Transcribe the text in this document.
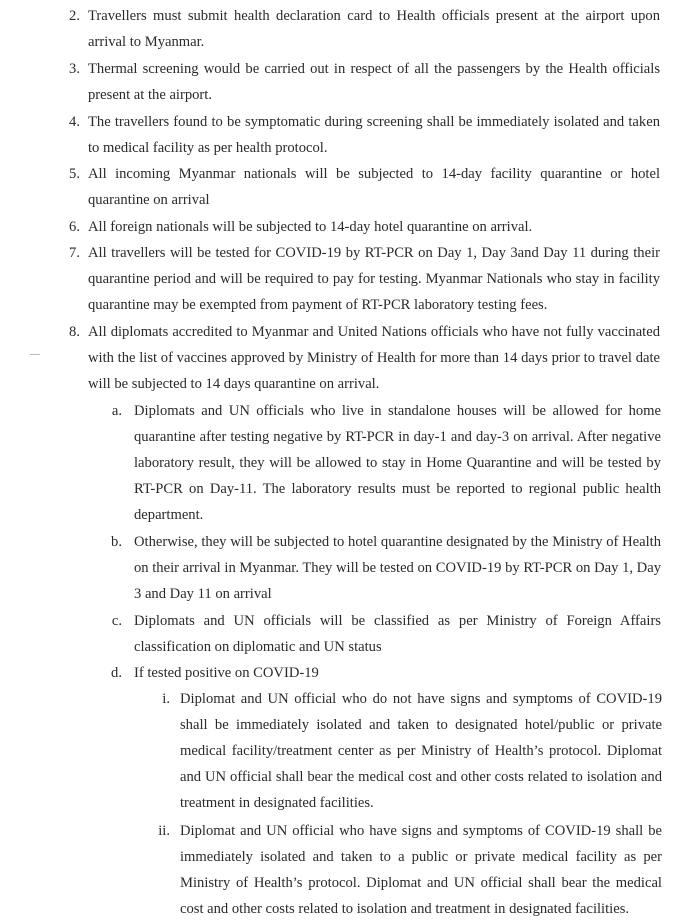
2. Travellers must submit health declaration card to Health officials present at the airport upon arrival to Myanmar.
3. Thermal screening would be carried out in respect of all the passengers by the Health officials present at the airport.
4. The travellers found to be symptomatic during screening shall be immediately isolated and taken to medical facility as per health protocol.
5. All incoming Myanmar nationals will be subjected to 14-day facility quarantine or hotel quarantine on arrival
6. All foreign nationals will be subjected to 14-day hotel quarantine on arrival.
7. All travellers will be tested for COVID-19 by RT-PCR on Day 1, Day 3and Day 11 during their quarantine period and will be required to pay for testing. Myanmar Nationals who stay in facility quarantine may be exempted from payment of RT-PCR laboratory testing fees.
8. All diplomats accredited to Myanmar and United Nations officials who have not fully vaccinated with the list of vaccines approved by Ministry of Health for more than 14 days prior to travel date will be subjected to 14 days quarantine on arrival.
a. Diplomats and UN officials who live in standalone houses will be allowed for home quarantine after testing negative by RT-PCR in day-1 and day-3 on arrival. After negative laboratory result, they will be allowed to stay in Home Quarantine and will be tested by RT-PCR on Day-11. The laboratory results must be reported to regional public health department.
b. Otherwise, they will be subjected to hotel quarantine designated by the Ministry of Health on their arrival in Myanmar. They will be tested on COVID-19 by RT-PCR on Day 1, Day 3 and Day 11 on arrival
c. Diplomats and UN officials will be classified as per Ministry of Foreign Affairs classification on diplomatic and UN status
d. If tested positive on COVID-19
i. Diplomat and UN official who do not have signs and symptoms of COVID-19 shall be immediately isolated and taken to designated hotel/public or private medical facility/treatment center as per Ministry of Health’s protocol. Diplomat and UN official shall bear the medical cost and other costs related to isolation and treatment in designated facilities.
ii. Diplomat and UN official who have signs and symptoms of COVID-19 shall be immediately isolated and taken to a public or private medical facility as per Ministry of Health’s protocol. Diplomat and UN official shall bear the medical cost and other costs related to isolation and treatment in designated facilities.
